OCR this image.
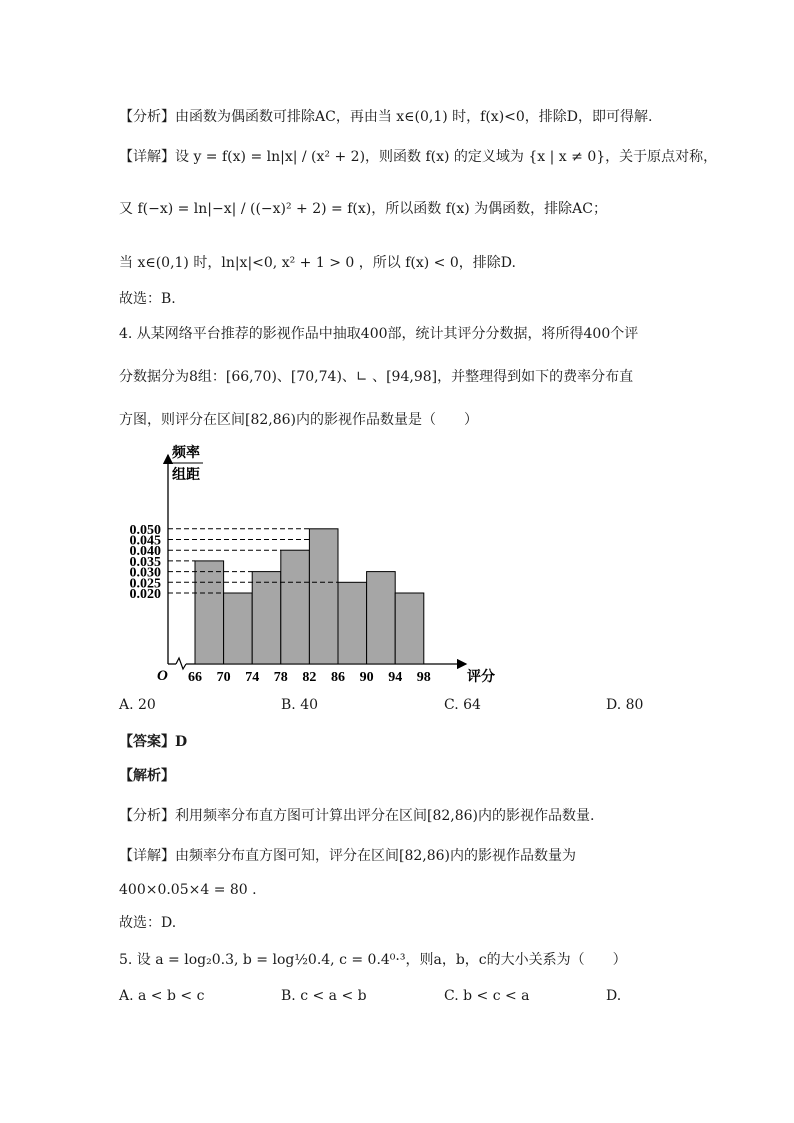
【分析】由函数为偶函数可排除AC，再由当 x∈(0,1) 时，f(x)<0，排除D，即可得解.
【详解】设 y = f(x) = ln|x| / (x² + 2)，则函数 f(x) 的定义域为 {x | x ≠ 0}，关于原点对称，
又 f(−x) = ln|−x| / ((−x)² + 2) = f(x)，所以函数 f(x) 为偶函数，排除AC；
当 x∈(0,1) 时，ln|x|<0, x² + 1 > 0 ，所以 f(x) < 0，排除D.
故选：B.
4. 从某网络平台推荐的影视作品中抽取400部，统计其评分分数据，将所得400个评
分数据分为8组：[66,70)、[70,74)、∟ 、[94,98]，并整理得到如下的费率分布直
方图，则评分在区间[82,86)内的影视作品数量是（　　）
0.050
0.045
0.040
0.035
0.030
0.025
0.020
66 70 74 78 82 86 90 94 98
O	评分
频率
组距
A. 20	B. 40	C. 64	D. 80
【答案】D
【解析】
【分析】利用频率分布直方图可计算出评分在区间[82,86)内的影视作品数量.
【详解】由频率分布直方图可知，评分在区间[82,86)内的影视作品数量为
400×0.05×4 = 80 .
故选：D.
5. 设 a = log₂0.3, b = log½0.4, c = 0.4⁰·³，则a，b，c的大小关系为（　　）
A. a < b < c	B. c < a < b	C. b < c < a	D.
